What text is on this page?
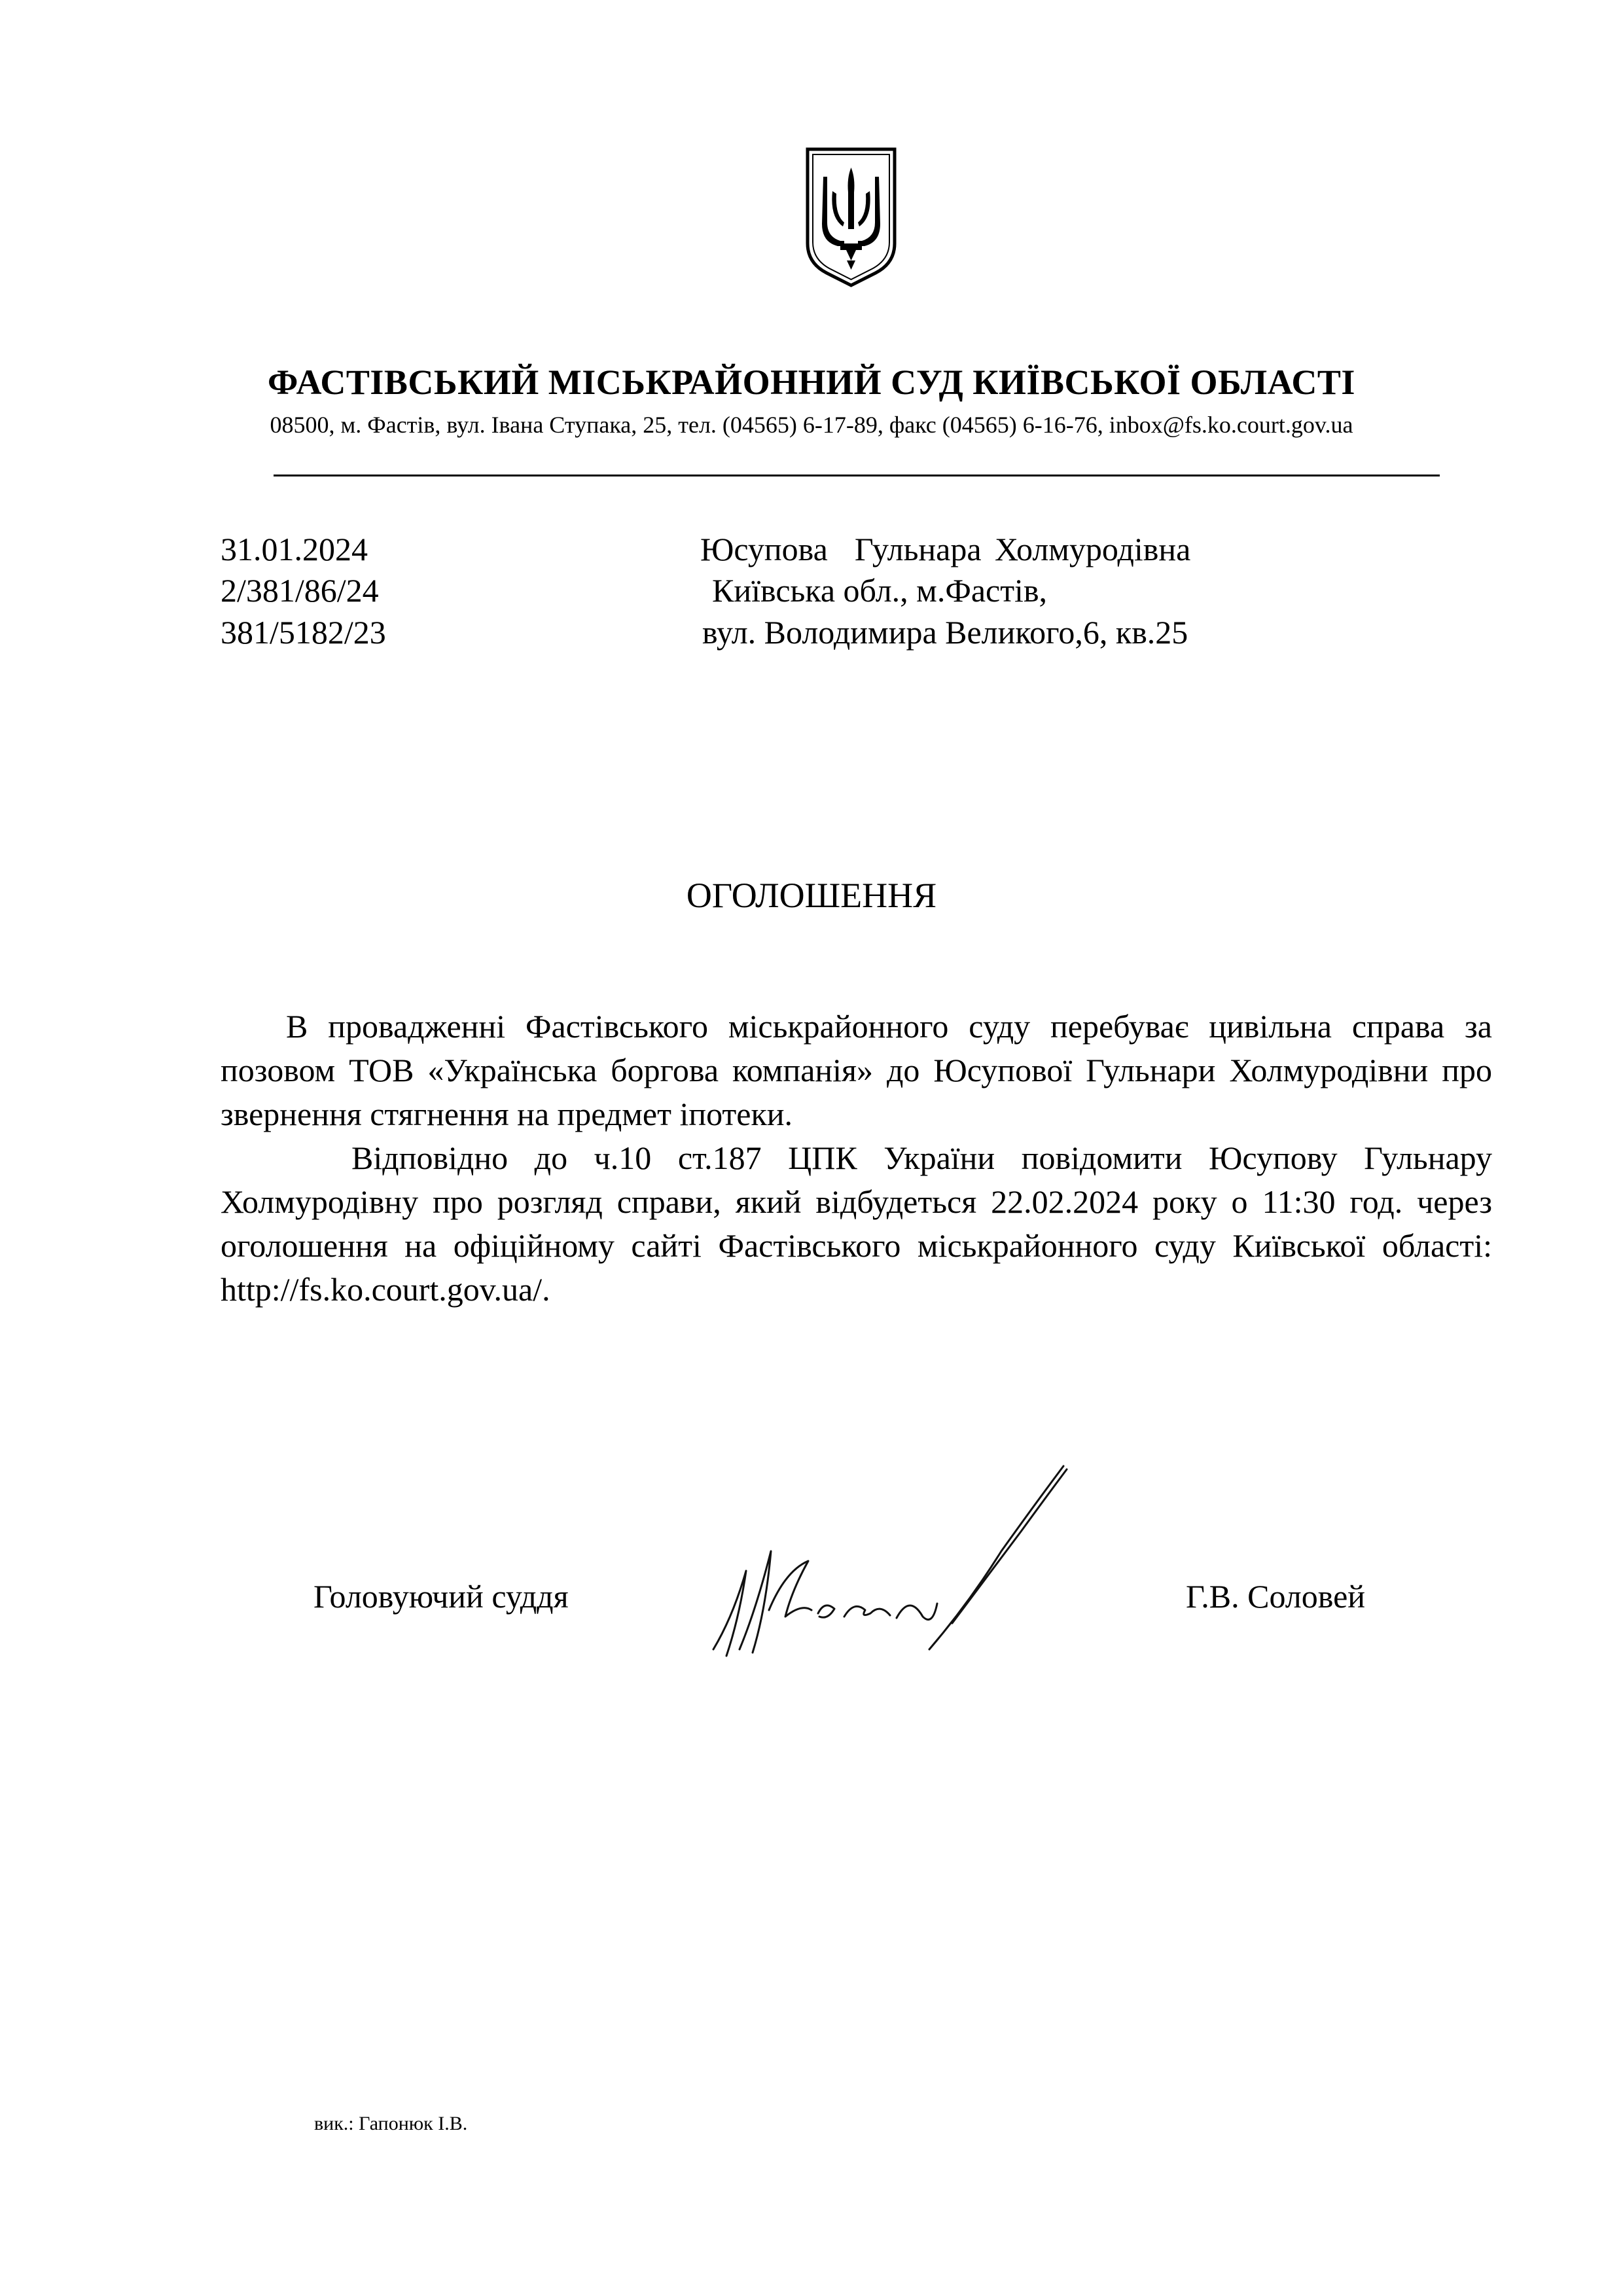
ФАСТІВСЬКИЙ МІСЬКРАЙОННИЙ СУД КИЇВСЬКОЇ ОБЛАСТІ
08500, м. Фастів, вул. Івана Ступака, 25, тел. (04565) 6-17-89, факс (04565) 6-16-76, inbox@fs.ko.court.gov.ua
31.01.2024
2/381/86/24
381/5182/23
Юсупова  Гульнара Холмуродівна
Київська обл., м.Фастів,
вул. Володимира Великого,6, кв.25
ОГОЛОШЕННЯ

В провадженні Фастівського міськрайонного суду перебуває цивільна справа за позовом ТОВ «Українська боргова компанія» до Юсупової Гульнари Холмуродівни про звернення стягнення на предмет іпотеки.

Відповідно до ч.10 ст.187 ЦПК України повідомити Юсупову Гульнару Холмуродівну про розгляд справи, який відбудеться 22.02.2024 року о 11:30 год. через оголошення на офіційному сайті Фастівського міськрайонного суду Київської області: http://fs.ko.court.gov.ua/.

Головуючий суддя	Г.В. Соловей
вик.: Гапонюк І.В.
